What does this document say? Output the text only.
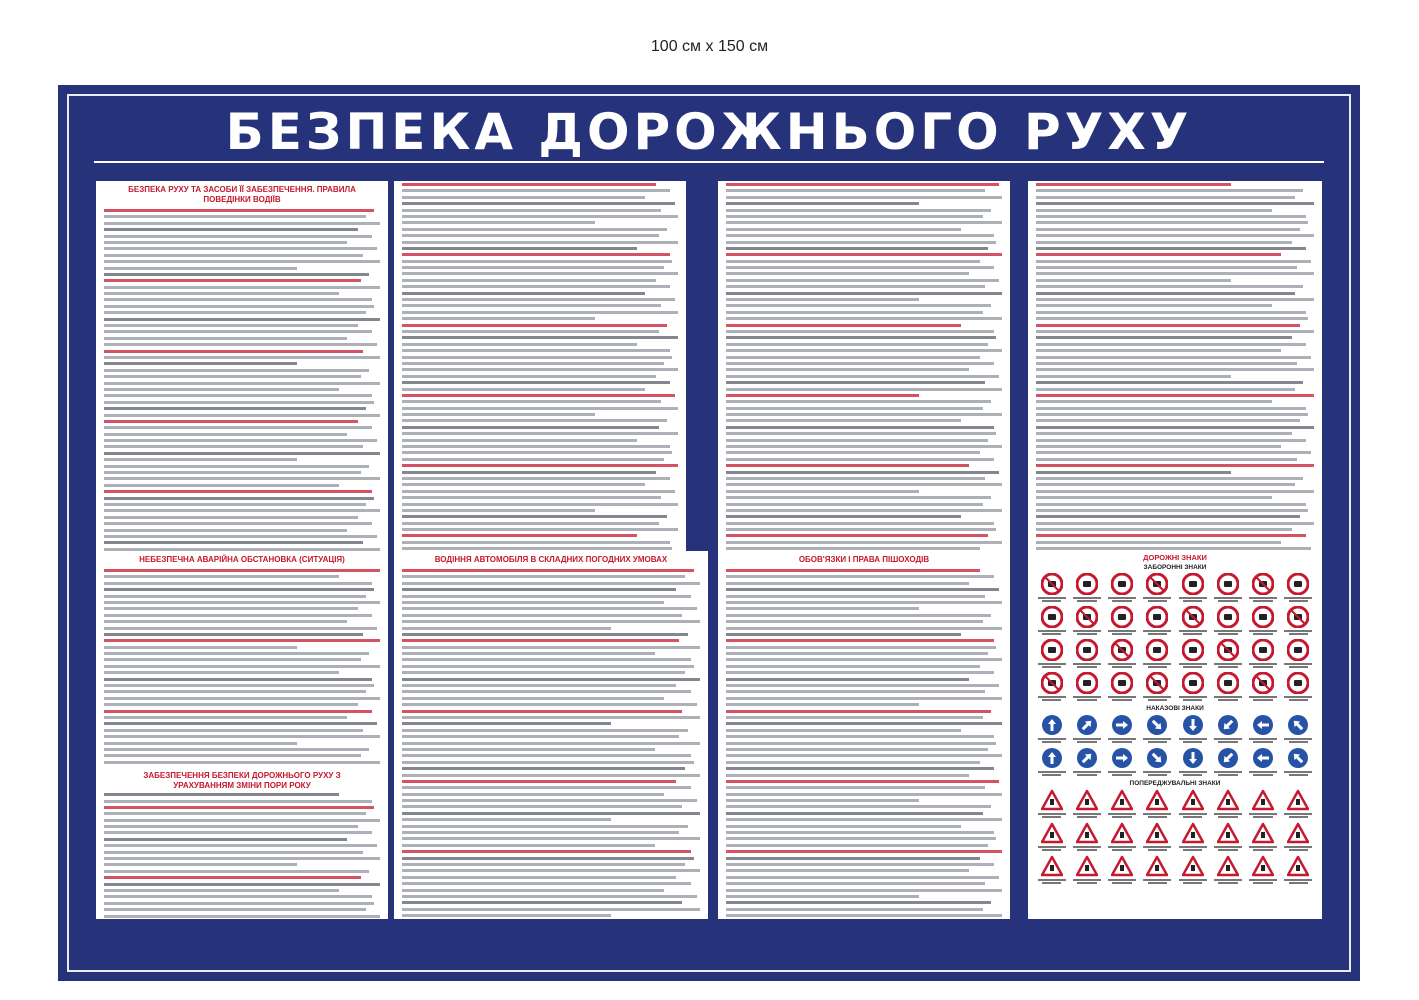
100 см x 150 см
БЕЗПЕКА ДОРОЖНЬОГО РУХУ
БЕЗПЕКА РУХУ ТА ЗАСОБИ ЇЇ ЗАБЕЗПЕЧЕННЯ. ПРАВИЛА ПОВЕДІНКИ ВОДІЇВ
НЕБЕЗПЕЧНА АВАРІЙНА ОБСТАНОВКА (СИТУАЦІЯ)
ЗАБЕЗПЕЧЕННЯ БЕЗПЕКИ ДОРОЖНЬОГО РУХУ З УРАХУВАННЯМ ЗМІНИ ПОРИ РОКУ
ВОДІННЯ АВТОМОБІЛЯ В СКЛАДНИХ ПОГОДНИХ УМОВАХ	ОБОВ'ЯЗКИ І ПРАВА ПІШОХОДІВ	ДОРОЖНІ ЗНАКИ
ЗАБОРОННІ ЗНАКИ
НАКАЗОВІ ЗНАКИ
ПОПЕРЕДЖУВАЛЬНІ ЗНАКИ
